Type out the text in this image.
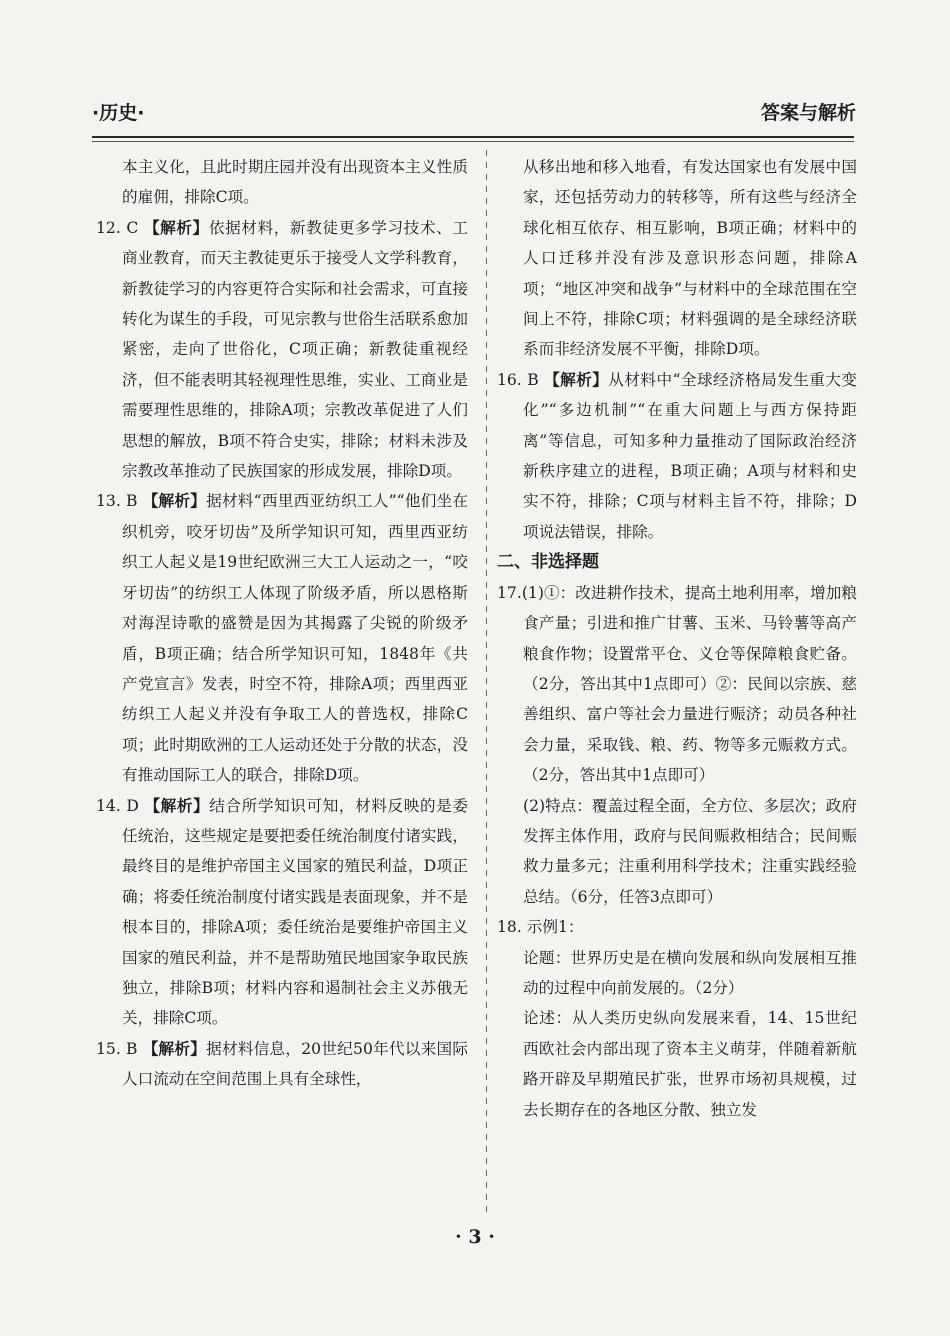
·历史·	答案与解析

本主义化，且此时期庄园并没有出现资本主义性质的雇佣，排除C项。

12. C 【解析】依据材料，新教徒更多学习技术、工商业教育，而天主教徒更乐于接受人文学科教育，新教徒学习的内容更符合实际和社会需求，可直接转化为谋生的手段，可见宗教与世俗生活联系愈加紧密，走向了世俗化，C项正确；新教徒重视经济，但不能表明其轻视理性思维，实业、工商业是需要理性思维的，排除A项；宗教改革促进了人们思想的解放，B项不符合史实，排除；材料未涉及宗教改革推动了民族国家的形成发展，排除D项。

13. B 【解析】据材料“西里西亚纺织工人”“他们坐在织机旁，咬牙切齿”及所学知识可知，西里西亚纺织工人起义是19世纪欧洲三大工人运动之一，“咬牙切齿”的纺织工人体现了阶级矛盾，所以恩格斯对海涅诗歌的盛赞是因为其揭露了尖锐的阶级矛盾，B项正确；结合所学知识可知，1848年《共产党宣言》发表，时空不符，排除A项；西里西亚纺织工人起义并没有争取工人的普选权，排除C项；此时期欧洲的工人运动还处于分散的状态，没有推动国际工人的联合，排除D项。

14. D 【解析】结合所学知识可知，材料反映的是委任统治，这些规定是要把委任统治制度付诸实践，最终目的是维护帝国主义国家的殖民利益，D项正确；将委任统治制度付诸实践是表面现象，并不是根本目的，排除A项；委任统治是要维护帝国主义国家的殖民利益，并不是帮助殖民地国家争取民族独立，排除B项；材料内容和遏制社会主义苏俄无关，排除C项。

15. B 【解析】据材料信息，20世纪50年代以来国际人口流动在空间范围上具有全球性，

从移出地和移入地看，有发达国家也有发展中国家，还包括劳动力的转移等，所有这些与经济全球化相互依存、相互影响，B项正确；材料中的人口迁移并没有涉及意识形态问题，排除A项；“地区冲突和战争”与材料中的全球范围在空间上不符，排除C项；材料强调的是全球经济联系而非经济发展不平衡，排除D项。

16. B 【解析】从材料中“全球经济格局发生重大变化”“多边机制”“在重大问题上与西方保持距离”等信息，可知多种力量推动了国际政治经济新秩序建立的进程，B项正确；A项与材料和史实不符，排除；C项与材料主旨不符，排除；D项说法错误，排除。

二、非选择题

17.(1)①：改进耕作技术，提高土地利用率，增加粮食产量；引进和推广甘薯、玉米、马铃薯等高产粮食作物；设置常平仓、义仓等保障粮食贮备。（2分，答出其中1点即可）②：民间以宗族、慈善组织、富户等社会力量进行赈济；动员各种社会力量，采取钱、粮、药、物等多元赈救方式。（2分，答出其中1点即可）

(2)特点：覆盖过程全面，全方位、多层次；政府发挥主体作用，政府与民间赈救相结合；民间赈救力量多元；注重利用科学技术；注重实践经验总结。（6分，任答3点即可）

18. 示例1：

论题：世界历史是在横向发展和纵向发展相互推动的过程中向前发展的。（2分）

论述：从人类历史纵向发展来看，14、15世纪西欧社会内部出现了资本主义萌芽，伴随着新航路开辟及早期殖民扩张，世界市场初具规模，过去长期存在的各地区分散、独立发

· 3 ·
